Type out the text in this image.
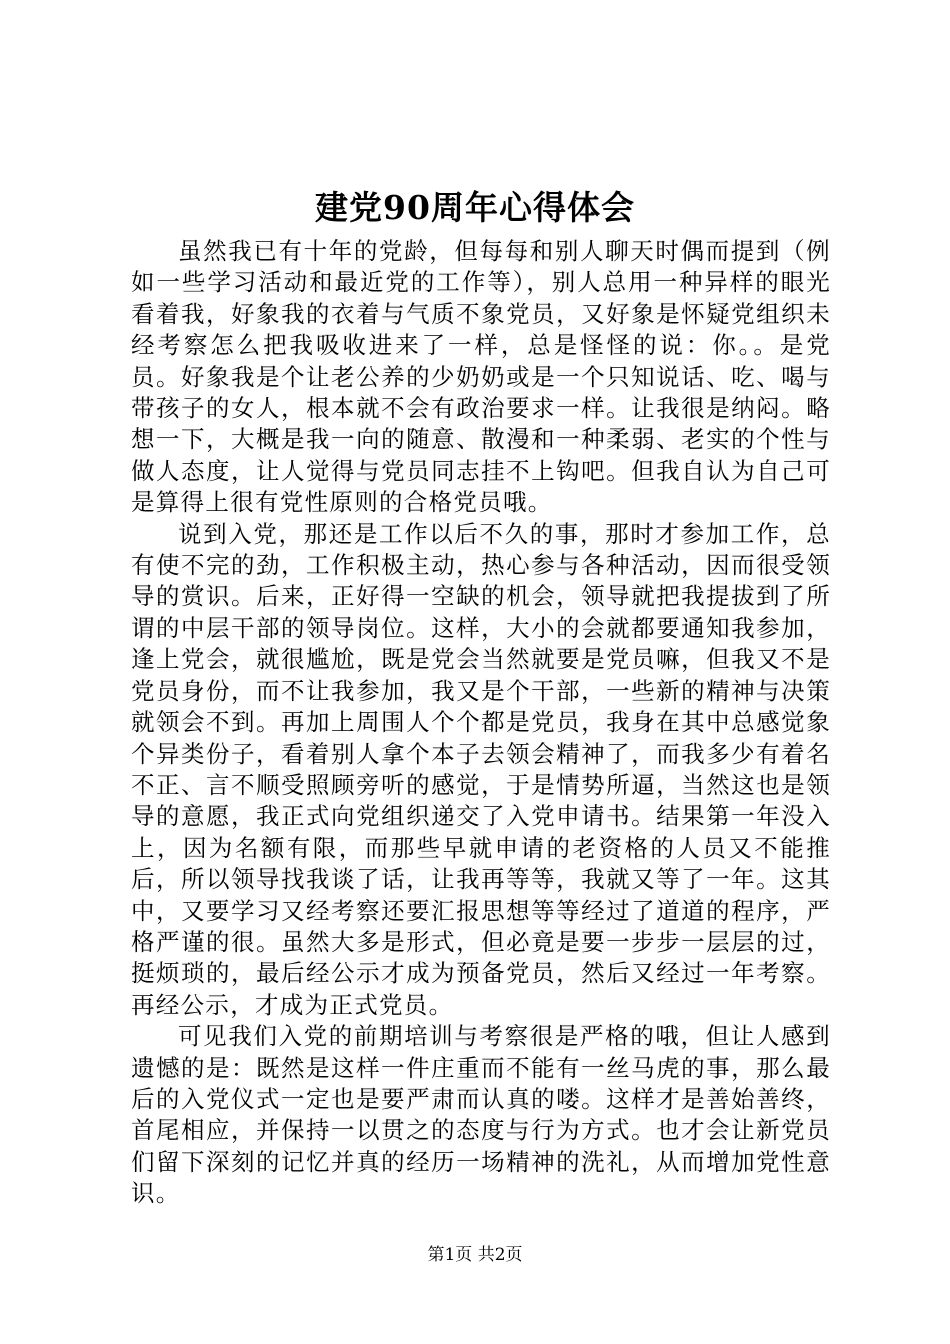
建党90周年心得体会

虽然我已有十年的党龄，但每每和别人聊天时偶而提到（例如一些学习活动和最近党的工作等），别人总用一种异样的眼光看着我，好象我的衣着与气质不象党员，又好象是怀疑党组织未经考察怎么把我吸收进来了一样，总是怪怪的说：你。。是党员。好象我是个让老公养的少奶奶或是一个只知说话、吃、喝与带孩子的女人，根本就不会有政治要求一样。让我很是纳闷。略想一下，大概是我一向的随意、散漫和一种柔弱、老实的个性与做人态度，让人觉得与党员同志挂不上钩吧。但我自认为自己可是算得上很有党性原则的合格党员哦。

说到入党，那还是工作以后不久的事，那时才参加工作，总有使不完的劲，工作积极主动，热心参与各种活动，因而很受领导的赏识。后来，正好得一空缺的机会，领导就把我提拔到了所谓的中层干部的领导岗位。这样，大小的会就都要通知我参加，逢上党会，就很尴尬，既是党会当然就要是党员嘛，但我又不是党员身份，而不让我参加，我又是个干部，一些新的精神与决策就领会不到。再加上周围人个个都是党员，我身在其中总感觉象个异类份子，看着别人拿个本子去领会精神了，而我多少有着名不正、言不顺受照顾旁听的感觉，于是情势所逼，当然这也是领导的意愿，我正式向党组织递交了入党申请书。结果第一年没入上，因为名额有限，而那些早就申请的老资格的人员又不能推后，所以领导找我谈了话，让我再等等，我就又等了一年。这其中，又要学习又经考察还要汇报思想等等经过了道道的程序，严格严谨的很。虽然大多是形式，但必竟是要一步步一层层的过，挺烦琐的，最后经公示才成为预备党员，然后又经过一年考察。再经公示，才成为正式党员。

可见我们入党的前期培训与考察很是严格的哦，但让人感到遗憾的是：既然是这样一件庄重而不能有一丝马虎的事，那么最后的入党仪式一定也是要严肃而认真的喽。这样才是善始善终，首尾相应，并保持一以贯之的态度与行为方式。也才会让新党员们留下深刻的记忆并真的经历一场精神的洗礼，从而增加党性意识。

第1页 共2页
